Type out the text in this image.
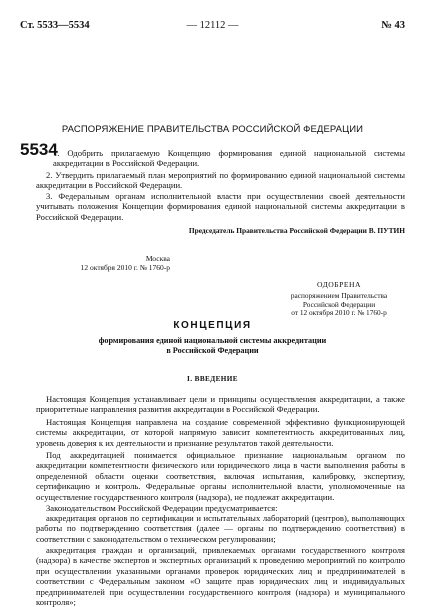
Ст. 5533—5534	— 12112 —	№ 43
РАСПОРЯЖЕНИЕ ПРАВИТЕЛЬСТВА РОССИЙСКОЙ ФЕДЕРАЦИИ
5534
1. Одобрить прилагаемую Концепцию формирования единой национальной системы аккредитации в Российской Федерации.
2. Утвердить прилагаемый план мероприятий по формированию единой национальной системы аккредитации в Российской Федерации.
3. Федеральным органам исполнительной власти при осуществлении своей деятельности учитывать положения Концепции формирования единой национальной системы аккредитации в Российской Федерации.
Председатель Правительства Российской Федерации В. ПУТИН
Москва
12 октября 2010 г. № 1760-р
ОДОБРЕНА
распоряжением Правительства
Российской Федерации
от 12 октября 2010 г. № 1760-р
КОНЦЕПЦИЯ
формирования единой национальной системы аккредитации
в Российской Федерации
I. ВВЕДЕНИЕ
Настоящая Концепция устанавливает цели и принципы осуществления аккредитации, а также приоритетные направления развития аккредитации в Российской Федерации.
Настоящая Концепция направлена на создание современной эффективно функционирующей системы аккредитации, от которой напрямую зависит компетентность аккредитованных лиц, уровень доверия к их деятельности и признание результатов такой деятельности.
Под аккредитацией понимается официальное признание национальным органом по аккредитации компетентности физического или юридического лица в части выполнения работы в определенной области оценки соответствия, включая испытания, калибровку, экспертизу, сертификацию и контроль. Федеральные органы исполнительной власти, уполномоченные на осуществление государственного контроля (надзора), не подлежат аккредитации.
Законодательством Российской Федерации предусматривается:
аккредитация органов по сертификации и испытательных лабораторий (центров), выполняющих работы по подтверждению соответствия (далее — органы по подтверждению соответствия) в соответствии с законодательством о техническом регулировании;
аккредитация граждан и организаций, привлекаемых органами государственного контроля (надзора) в качестве экспертов и экспертных организаций к проведению мероприятий по контролю при осуществлении указанными органами проверок юридических лиц и предпринимателей в соответствии с Федеральным законом «О защите прав юридических лиц и индивидуальных предпринимателей при осуществлении государственного контроля (надзора) и муниципального контроля»;
